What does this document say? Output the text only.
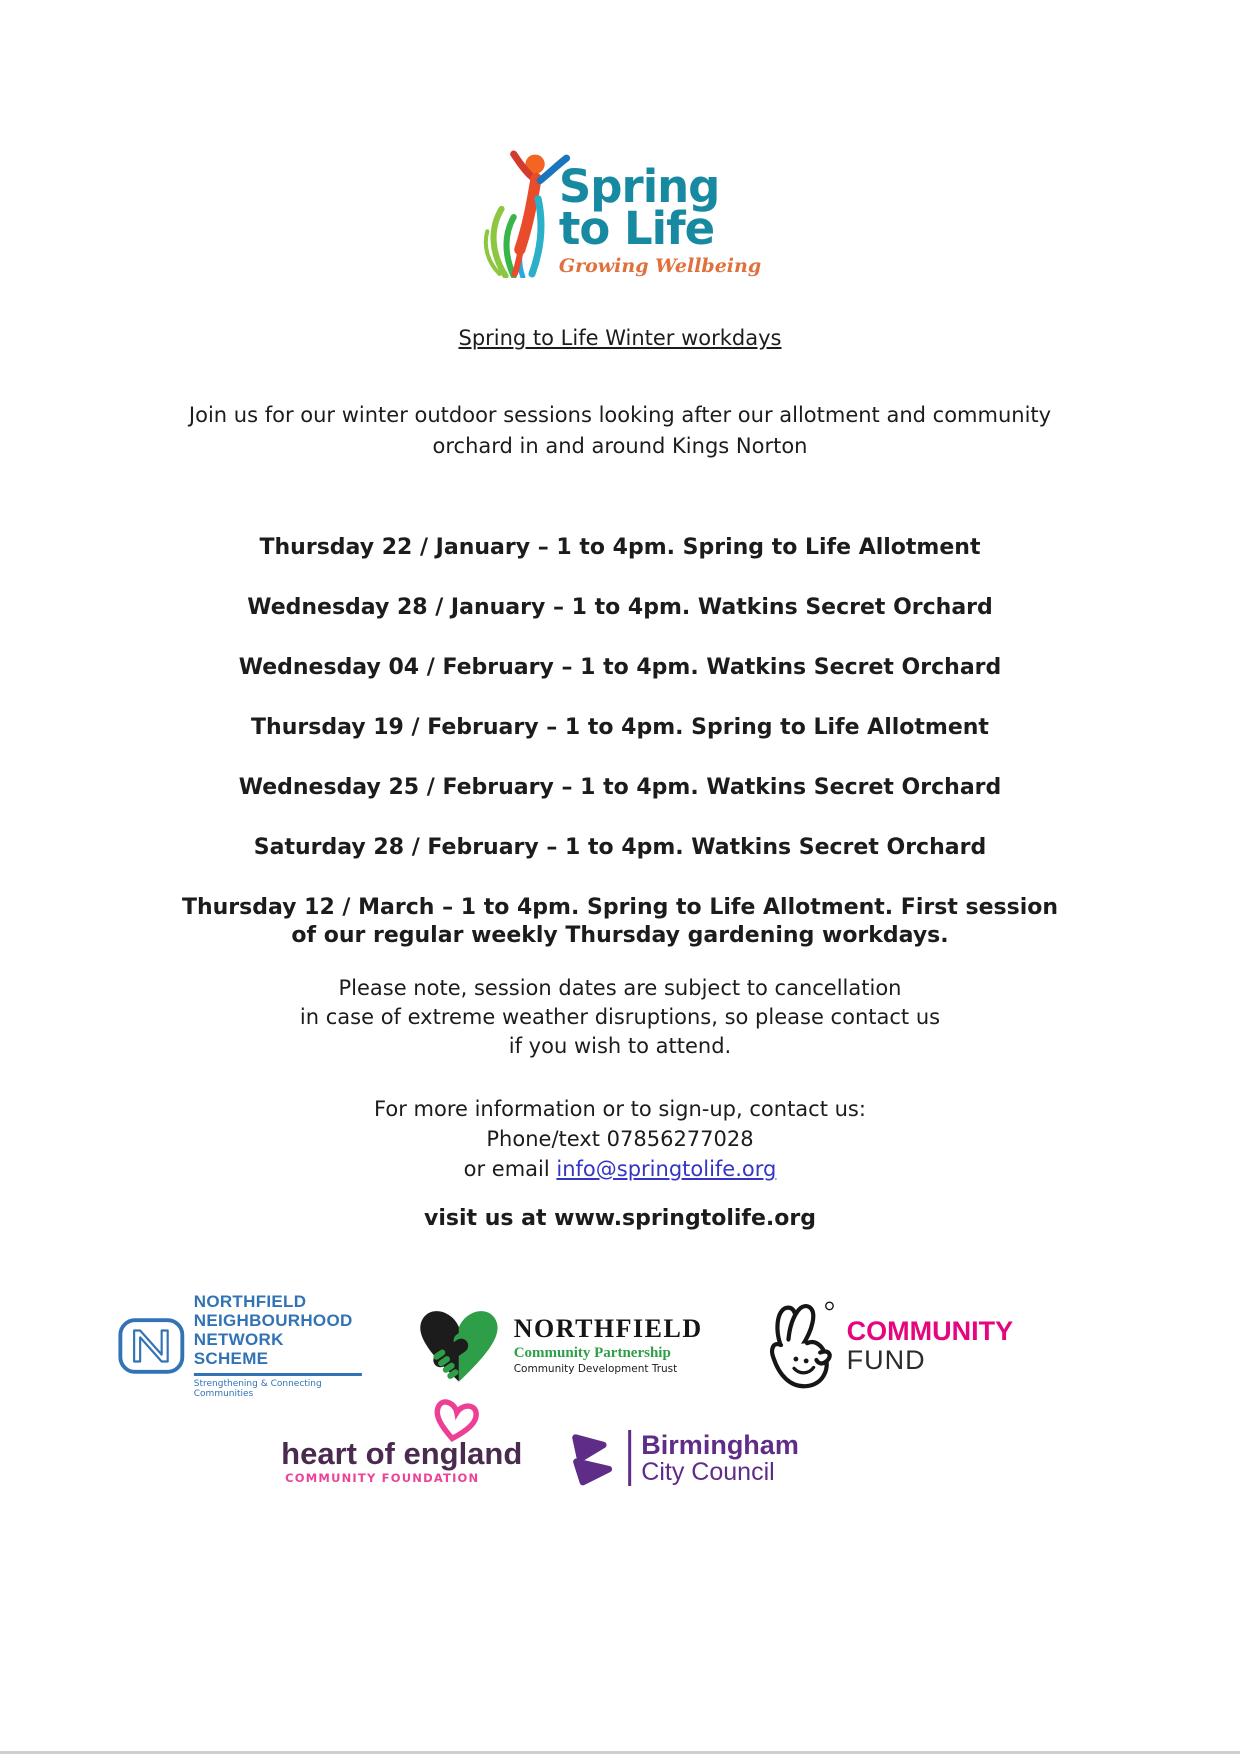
Spring
to Life
Growing Wellbeing
Spring to Life Winter workdays
Join us for our winter outdoor sessions looking after our allotment and community orchard in and around Kings Norton
Thursday 22 / January – 1 to 4pm. Spring to Life Allotment
Wednesday 28 / January – 1 to 4pm. Watkins Secret Orchard
Wednesday 04 / February – 1 to 4pm. Watkins Secret Orchard
Thursday 19 / February – 1 to 4pm. Spring to Life Allotment
Wednesday 25 / February – 1 to 4pm. Watkins Secret Orchard
Saturday 28 / February – 1 to 4pm. Watkins Secret Orchard
Thursday 12 / March – 1 to 4pm. Spring to Life Allotment. First session of our regular weekly Thursday gardening workdays.
Please note, session dates are subject to cancellation
in case of extreme weather disruptions, so please contact us
if you wish to attend.
For more information or to sign-up, contact us:
Phone/text 07856277028
or email info@springtolife.org
visit us at www.springtolife.org
NORTHFIELD
NEIGHBOURHOOD
NETWORK SCHEME
Strengthening & Connecting Communities
NORTHFIELD
Community Partnership
Community Development Trust
COMMUNITY
FUND
heart of england
COMMUNITY FOUNDATION
Birmingham
City Council
